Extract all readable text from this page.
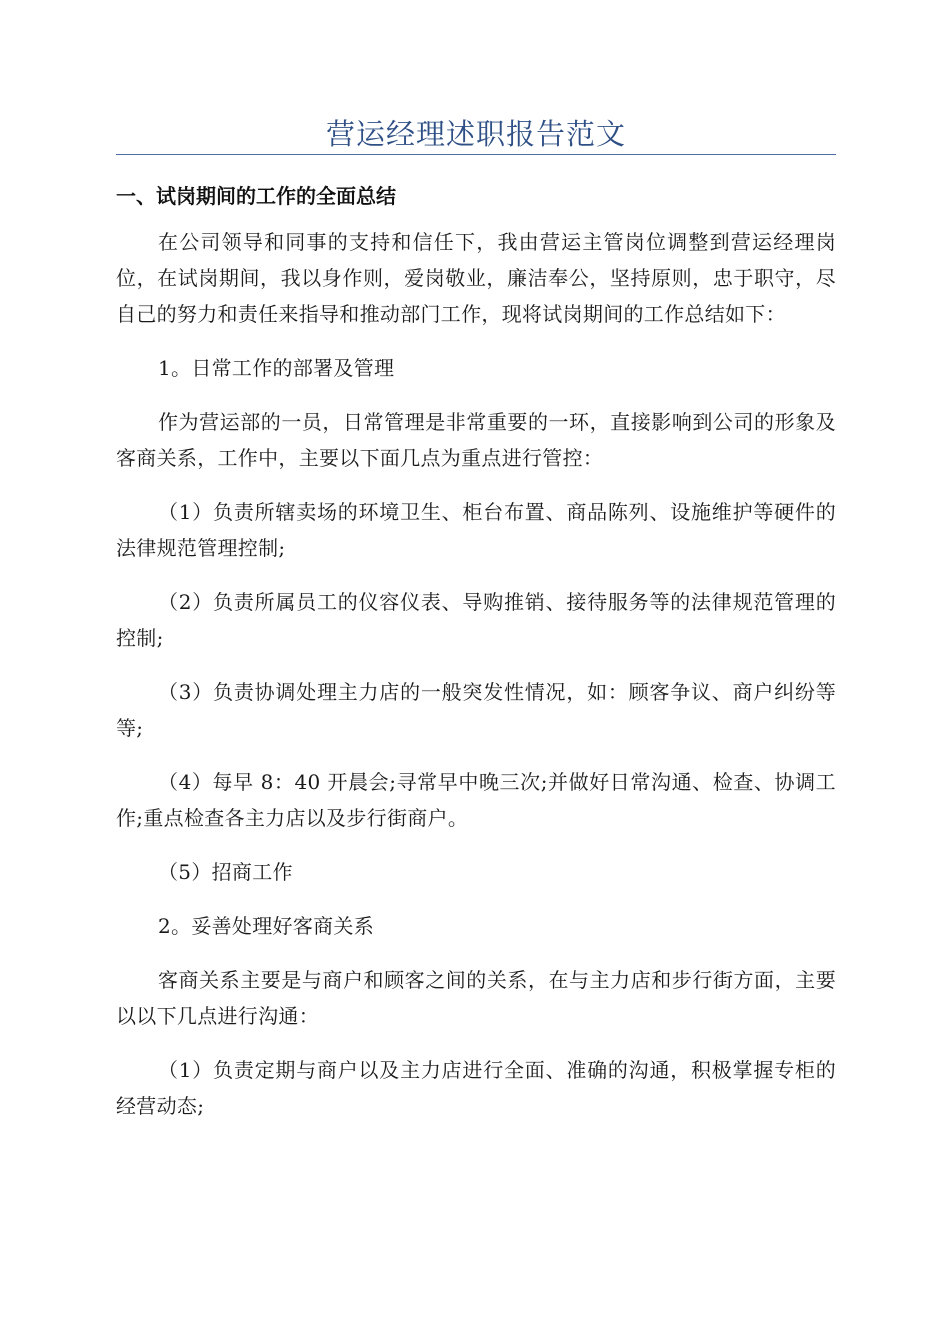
营运经理述职报告范文
一、试岗期间的工作的全面总结

在公司领导和同事的支持和信任下，我由营运主管岗位调整到营运经理岗位，在试岗期间，我以身作则，爱岗敬业，廉洁奉公，坚持原则，忠于职守，尽自己的努力和责任来指导和推动部门工作，现将试岗期间的工作总结如下：

1。日常工作的部署及管理

作为营运部的一员，日常管理是非常重要的一环，直接影响到公司的形象及客商关系，工作中，主要以下面几点为重点进行管控：

（1）负责所辖卖场的环境卫生、柜台布置、商品陈列、设施维护等硬件的法律规范管理控制;

（2）负责所属员工的仪容仪表、导购推销、接待服务等的法律规范管理的控制;

（3）负责协调处理主力店的一般突发性情况，如：顾客争议、商户纠纷等等;

（4）每早 8：40 开晨会;寻常早中晚三次;并做好日常沟通、检查、协调工作;重点检查各主力店以及步行街商户。

（5）招商工作

2。妥善处理好客商关系

客商关系主要是与商户和顾客之间的关系，在与主力店和步行街方面，主要以以下几点进行沟通：

（1）负责定期与商户以及主力店进行全面、准确的沟通，积极掌握专柜的经营动态;
